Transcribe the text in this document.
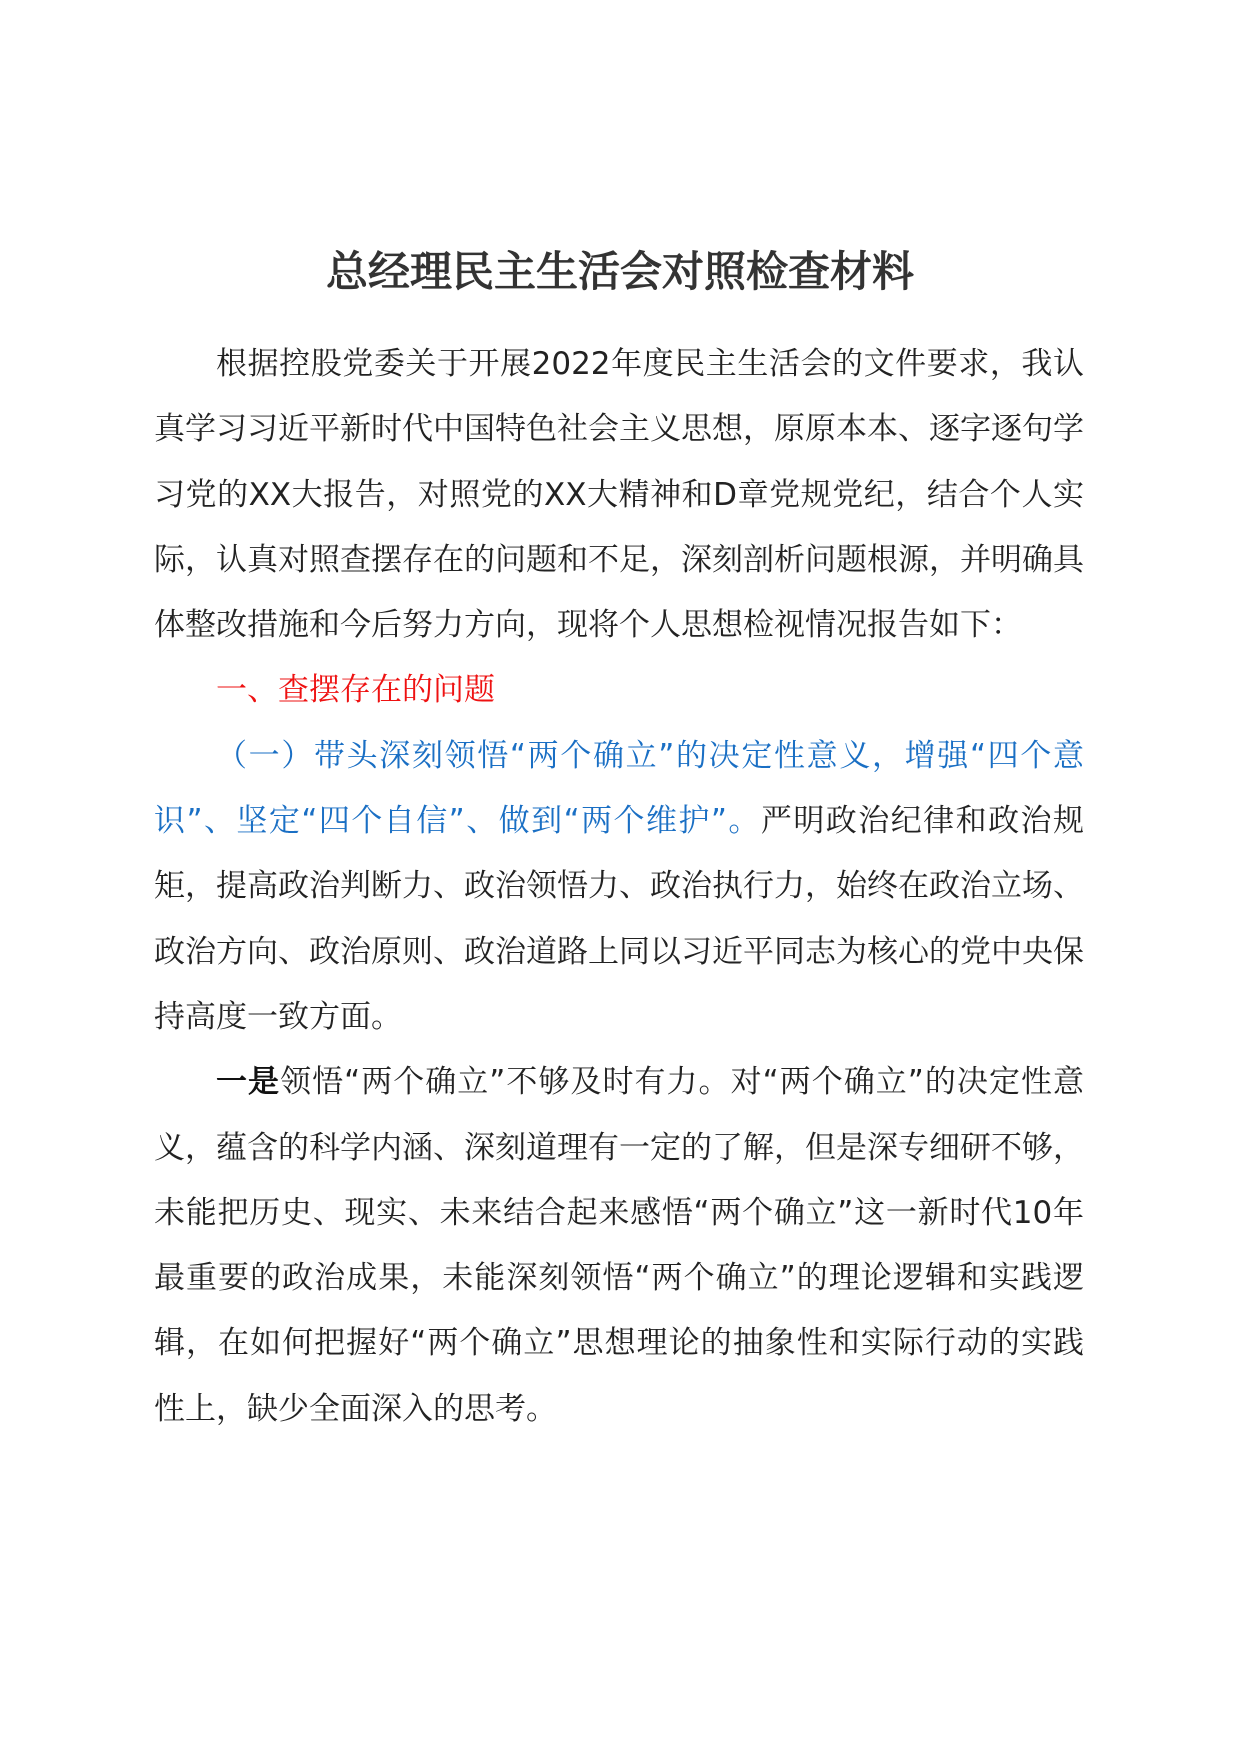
总经理民主生活会对照检查材料

根据控股党委关于开展2022年度民主生活会的文件要求，我认真学习习近平新时代中国特色社会主义思想，原原本本、逐字逐句学习党的XX大报告，对照党的XX大精神和D章党规党纪，结合个人实际，认真对照查摆存在的问题和不足，深刻剖析问题根源，并明确具体整改措施和今后努力方向，现将个人思想检视情况报告如下：

一、查摆存在的问题

（一）带头深刻领悟“两个确立”的决定性意义，增强“四个意识”、坚定“四个自信”、做到“两个维护”。严明政治纪律和政治规矩，提高政治判断力、政治领悟力、政治执行力，始终在政治立场、政治方向、政治原则、政治道路上同以习近平同志为核心的党中央保持高度一致方面。

一是领悟“两个确立”不够及时有力。对“两个确立”的决定性意义，蕴含的科学内涵、深刻道理有一定的了解，但是深专细研不够，未能把历史、现实、未来结合起来感悟“两个确立”这一新时代10年最重要的政治成果，未能深刻领悟“两个确立”的理论逻辑和实践逻辑，在如何把握好“两个确立”思想理论的抽象性和实际行动的实践性上，缺少全面深入的思考。
